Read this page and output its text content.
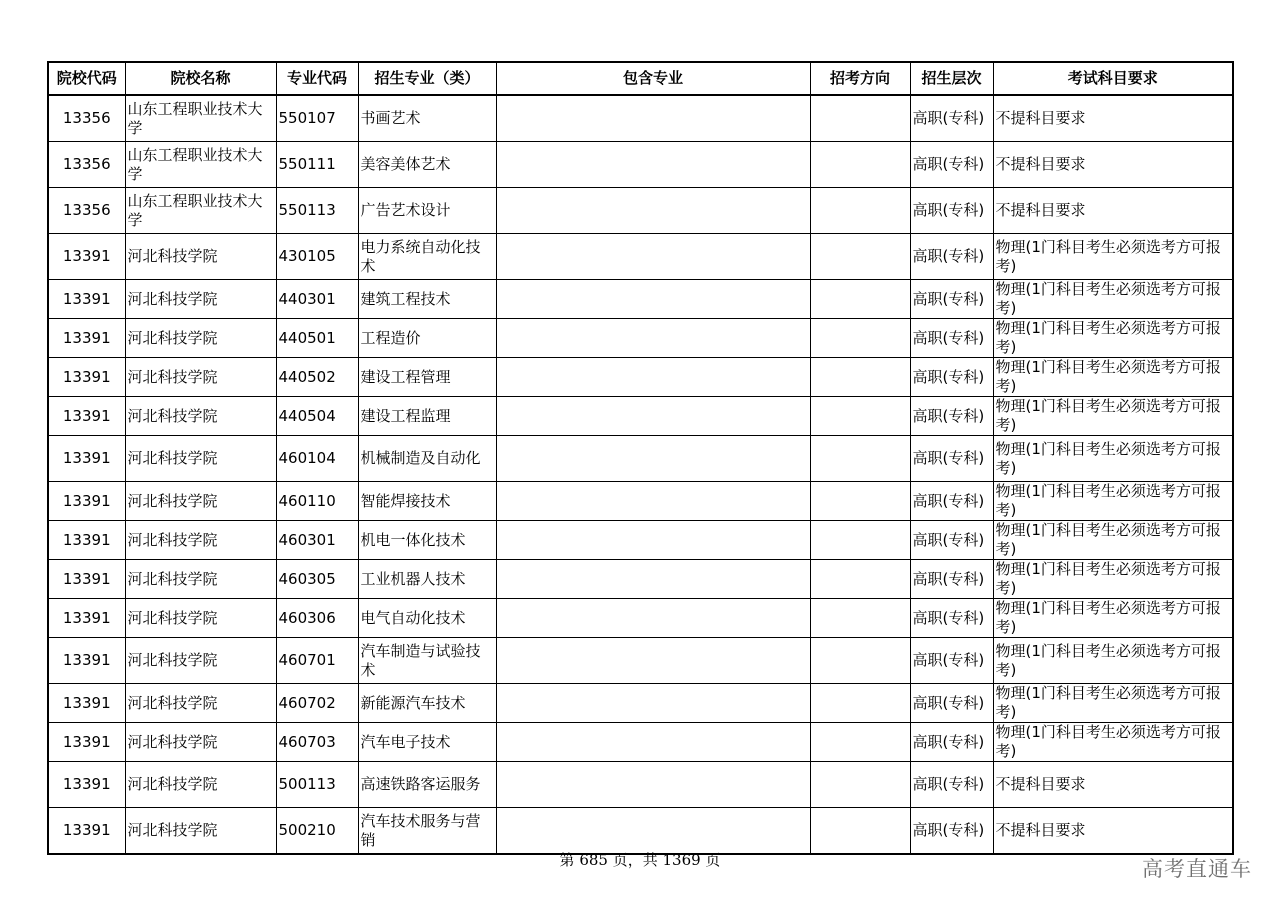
院校代码	院校名称	专业代码	招生专业（类）	包含专业	招考方向	招生层次	考试科目要求
13356	山东工程职业技术大学	550107	书画艺术			高职(专科)	不提科目要求
13356	山东工程职业技术大学	550111	美容美体艺术			高职(专科)	不提科目要求
13356	山东工程职业技术大学	550113	广告艺术设计			高职(专科)	不提科目要求
13391	河北科技学院	430105	电力系统自动化技术			高职(专科)	物理(1门科目考生必须选考方可报考)
13391	河北科技学院	440301	建筑工程技术			高职(专科)	物理(1门科目考生必须选考方可报考)
13391	河北科技学院	440501	工程造价			高职(专科)	物理(1门科目考生必须选考方可报考)
13391	河北科技学院	440502	建设工程管理			高职(专科)	物理(1门科目考生必须选考方可报考)
13391	河北科技学院	440504	建设工程监理			高职(专科)	物理(1门科目考生必须选考方可报考)
13391	河北科技学院	460104	机械制造及自动化			高职(专科)	物理(1门科目考生必须选考方可报考)
13391	河北科技学院	460110	智能焊接技术			高职(专科)	物理(1门科目考生必须选考方可报考)
13391	河北科技学院	460301	机电一体化技术			高职(专科)	物理(1门科目考生必须选考方可报考)
13391	河北科技学院	460305	工业机器人技术			高职(专科)	物理(1门科目考生必须选考方可报考)
13391	河北科技学院	460306	电气自动化技术			高职(专科)	物理(1门科目考生必须选考方可报考)
13391	河北科技学院	460701	汽车制造与试验技术			高职(专科)	物理(1门科目考生必须选考方可报考)
13391	河北科技学院	460702	新能源汽车技术			高职(专科)	物理(1门科目考生必须选考方可报考)
13391	河北科技学院	460703	汽车电子技术			高职(专科)	物理(1门科目考生必须选考方可报考)
13391	河北科技学院	500113	高速铁路客运服务			高职(专科)	不提科目要求
13391	河北科技学院	500210	汽车技术服务与营销			高职(专科)	不提科目要求
第 685 页，共 1369 页	高考直通车
